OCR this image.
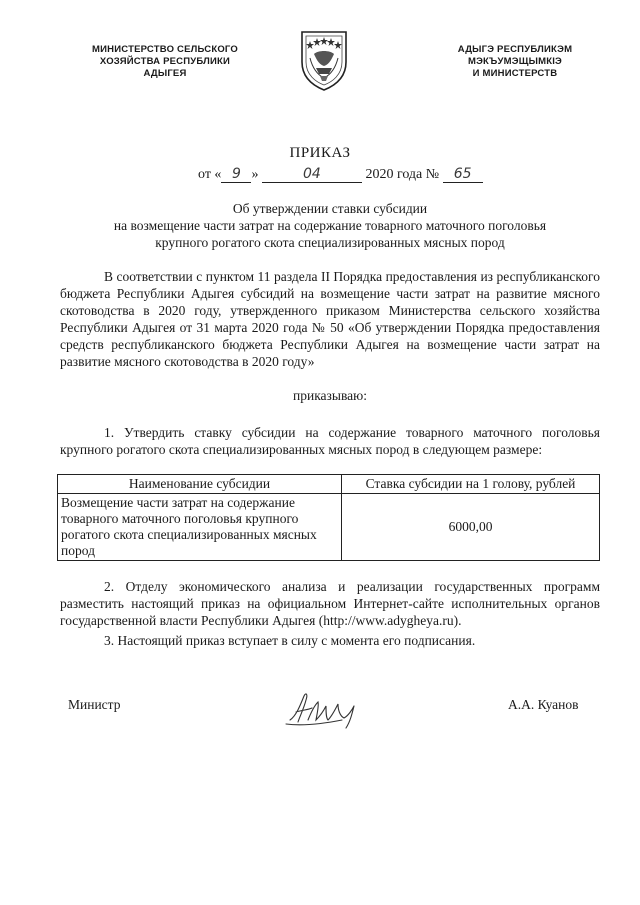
МИНИСТЕРСТВО СЕЛЬСКОГО
ХОЗЯЙСТВА РЕСПУБЛИКИ
АДЫГЕЯ
АДЫГЭ РЕСПУБЛИКЭМ
МЭКЪУМЭЩЫМКІЭ
И МИНИСТЕРСТВ
ПРИКАЗ
от « 9 »	04	2020 года № 65
Об утверждении ставки субсидии
на возмещение части затрат на содержание товарного маточного поголовья
крупного рогатого скота специализированных мясных пород
В соответствии с пунктом 11 раздела II Порядка предоставления из республиканского бюджета Республики Адыгея субсидий на возмещение части затрат на развитие мясного скотоводства в 2020 году, утвержденного приказом Министерства сельского хозяйства Республики Адыгея от 31 марта 2020 года № 50 «Об утверждении Порядка предоставления средств республиканского бюджета Республики Адыгея на возмещение части затрат на развитие мясного скотоводства в 2020 году»
приказываю:
1. Утвердить ставку субсидии на содержание товарного маточного поголовья крупного рогатого скота специализированных мясных пород в следующем размере:
Наименование субсидии	Ставка субсидии на 1 голову, рублей
Возмещение части затрат на содержание товарного маточного поголовья крупного рогатого скота специализированных мясных пород	6000,00
2. Отделу экономического анализа и реализации государственных программ разместить настоящий приказ на официальном Интернет-сайте исполнительных органов государственной власти Республики Адыгея (http://www.adygheya.ru).
3. Настоящий приказ вступает в силу с момента его подписания.
Министр	А.А. Куанов
